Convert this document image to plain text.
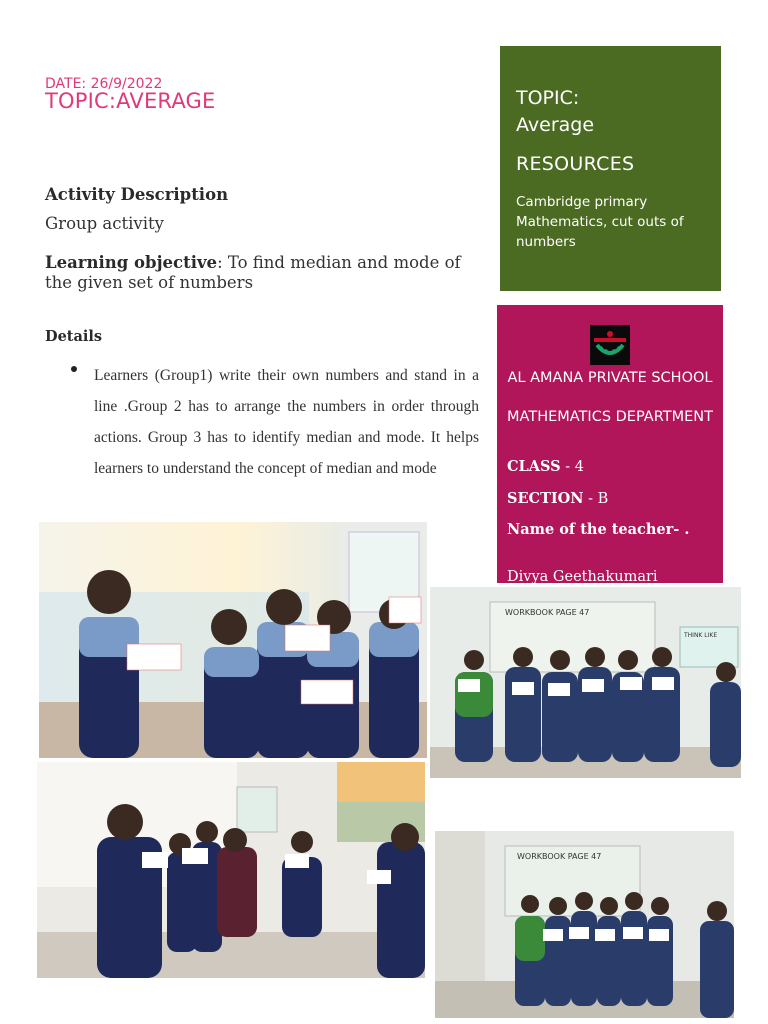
DATE: 26/9/2022
TOPIC:AVERAGE
Activity Description
Group activity
Learning objective: To find median and mode of the given set of numbers
Details
Learners (Group1) write their own numbers and stand in a line .Group 2 has to arrange the numbers in order through actions. Group 3 has to identify median and mode. It helps learners to understand the concept of median and mode
TOPIC:
Average
RESOURCES
Cambridge primary Mathematics, cut outs of numbers
AL AMANA PRIVATE SCHOOL
MATHEMATICS DEPARTMENT
CLASS - 4
SECTION - B
Name of the teacher- .
Divya Geethakumari
WORKBOOK PAGE 47
THINK LIKE
WORKBOOK PAGE 47
